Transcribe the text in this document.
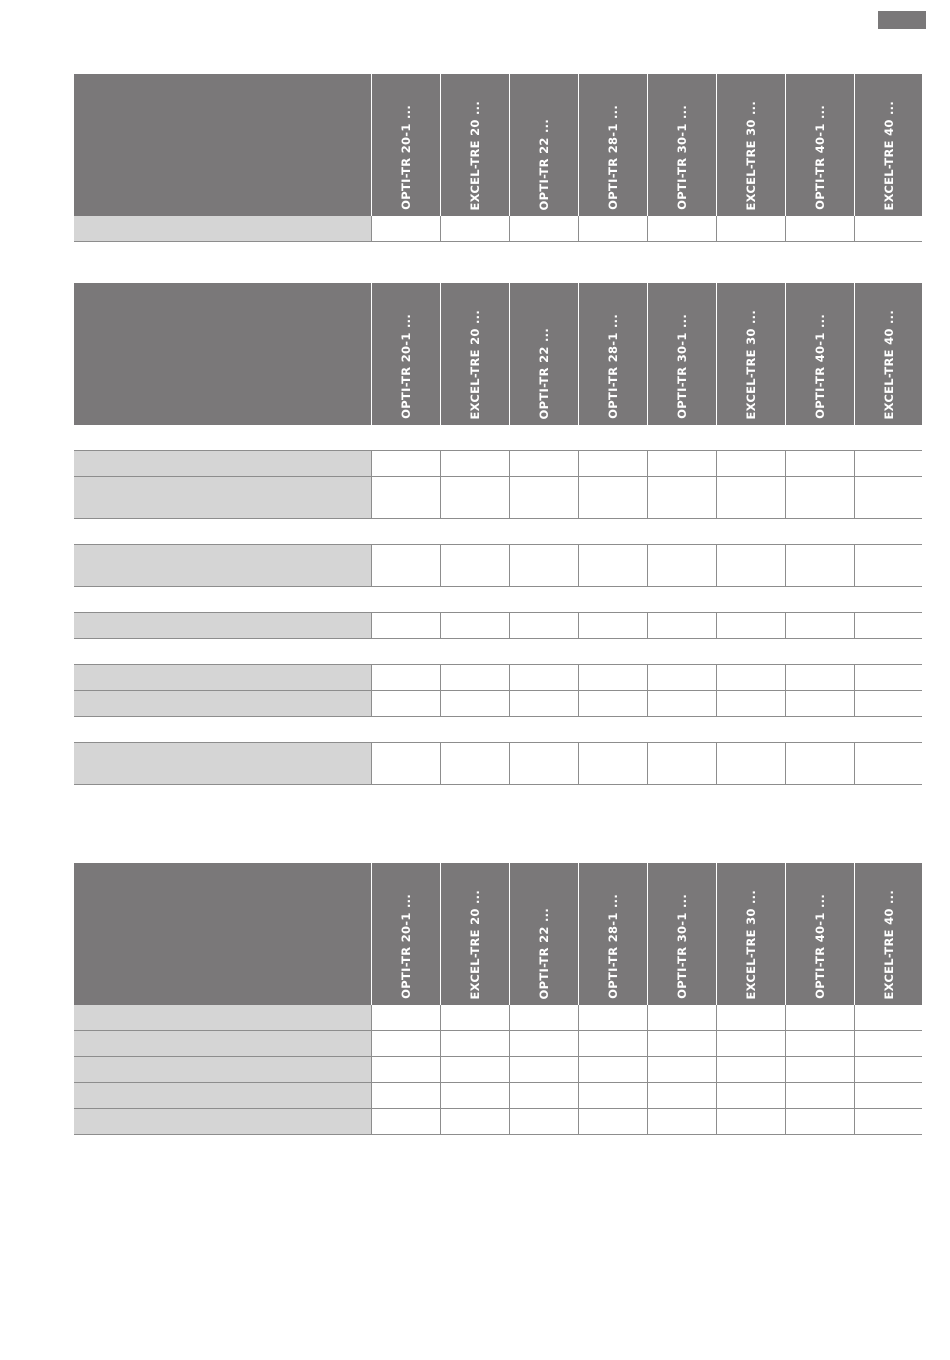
OPTI-TR 20-1 ...	EXCEL-TRE 20 ...	OPTI-TR 22 ...	OPTI-TR 28-1 ...	OPTI-TR 30-1 ...	EXCEL-TRE 30 ...	OPTI-TR 40-1 ...	EXCEL-TRE 40 ...
OPTI-TR 20-1 ...	EXCEL-TRE 20 ...	OPTI-TR 22 ...	OPTI-TR 28-1 ...	OPTI-TR 30-1 ...	EXCEL-TRE 30 ...	OPTI-TR 40-1 ...	EXCEL-TRE 40 ...
OPTI-TR 20-1 ...	EXCEL-TRE 20 ...	OPTI-TR 22 ...	OPTI-TR 28-1 ...	OPTI-TR 30-1 ...	EXCEL-TRE 30 ...	OPTI-TR 40-1 ...	EXCEL-TRE 40 ...
